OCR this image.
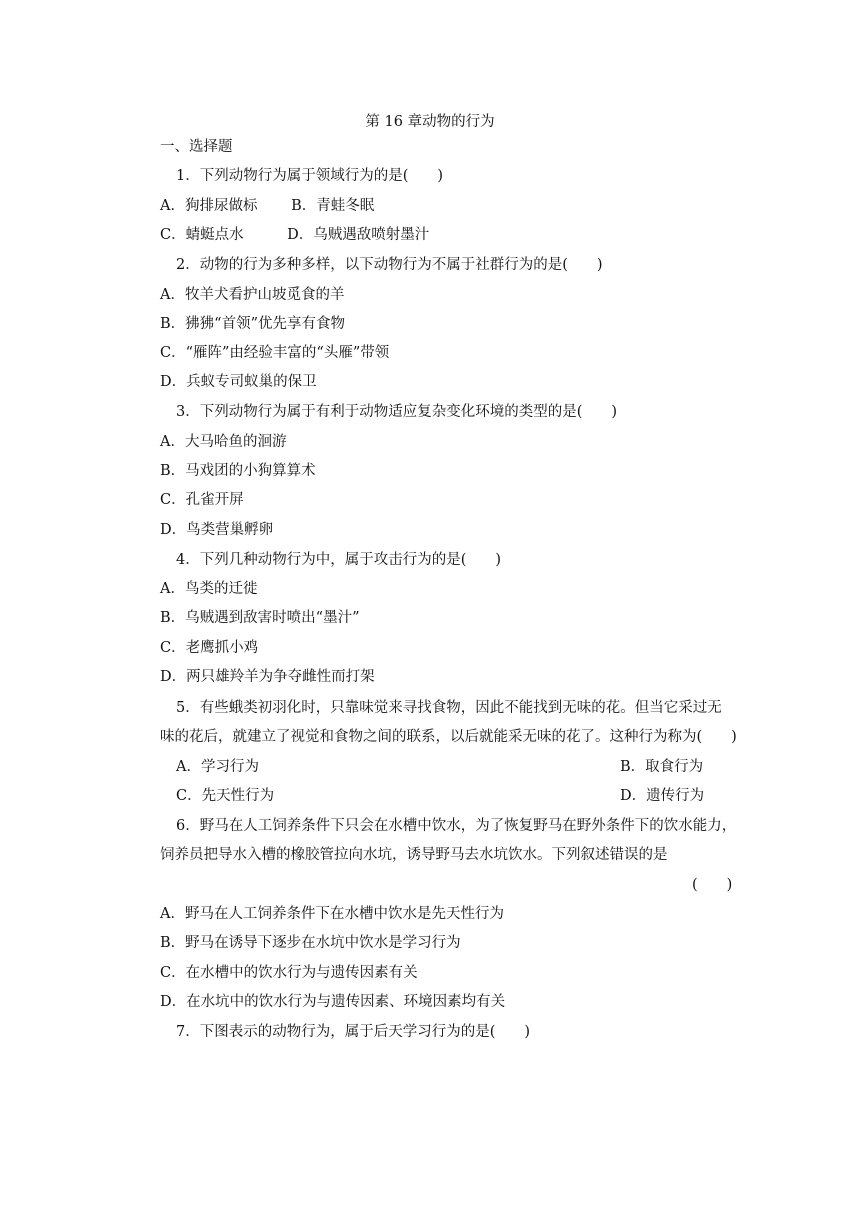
第 16 章动物的行为
一、选择题
1．下列动物行为属于领域行为的是(　　)
A．狗排尿做标　　 B．青蛙冬眠
C．蜻蜓点水　　　D．乌贼遇敌喷射墨汁
2．动物的行为多种多样，以下动物行为不属于社群行为的是(　　)
A．牧羊犬看护山坡觅食的羊
B．狒狒“首领”优先享有食物
C．“雁阵”由经验丰富的“头雁”带领
D．兵蚁专司蚁巢的保卫
3．下列动物行为属于有利于动物适应复杂变化环境的类型的是(　　)
A．大马哈鱼的洄游
B．马戏团的小狗算算术
C．孔雀开屏
D．鸟类营巢孵卵
4．下列几种动物行为中，属于攻击行为的是(　　)
A．鸟类的迁徙
B．乌贼遇到敌害时喷出“墨汁”
C．老鹰抓小鸡
D．两只雄羚羊为争夺雌性而打架
5．有些蛾类初羽化时，只靠味觉来寻找食物，因此不能找到无味的花。但当它采过无
味的花后，就建立了视觉和食物之间的联系，以后就能采无味的花了。这种行为称为(　　)
A．学习行为	B．取食行为
C．先天性行为	D．遗传行为
6．野马在人工饲养条件下只会在水槽中饮水，为了恢复野马在野外条件下的饮水能力，
饲养员把导水入槽的橡胶管拉向水坑，诱导野马去水坑饮水。下列叙述错误的是
(　　)
A．野马在人工饲养条件下在水槽中饮水是先天性行为
B．野马在诱导下逐步在水坑中饮水是学习行为
C．在水槽中的饮水行为与遗传因素有关
D．在水坑中的饮水行为与遗传因素、环境因素均有关
7．下图表示的动物行为，属于后天学习行为的是(　　)
